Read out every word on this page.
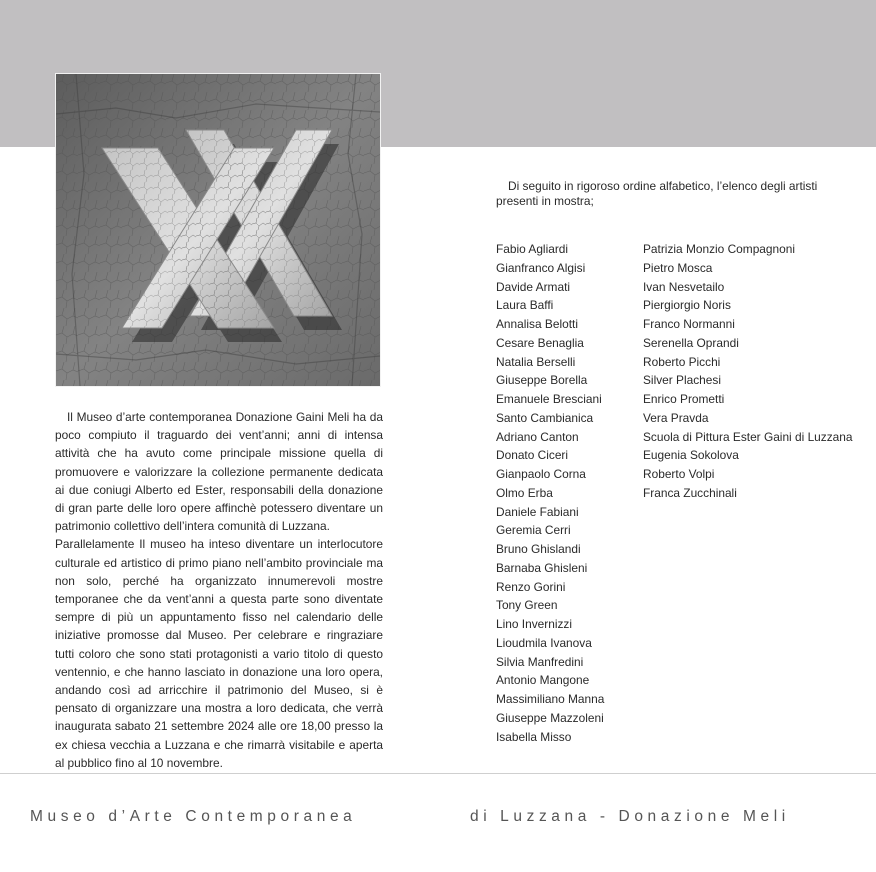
Il Museo d’arte contemporanea Donazione Gaini Meli ha da poco compiuto il traguardo dei vent’anni; anni di intensa attività che ha avuto come principale missione quella di promuovere e valorizzare la collezione permanente dedicata ai due coniugi Alberto ed Ester, responsabili della donazione di gran parte delle loro opere affinchè potessero diventare un patrimonio collettivo dell’intera comunità di Luzzana.

Parallelamente Il museo ha inteso diventare un interlocutore culturale ed artistico di primo piano nell’ambito provinciale ma non solo, perché ha organizzato innumerevoli mostre temporanee che da vent’anni a questa parte sono diventate sempre di più un appuntamento fisso nel calendario delle iniziative promosse dal Museo. Per celebrare e ringraziare tutti coloro che sono stati protagonisti a vario titolo di questo ventennio, e che hanno lasciato in donazione una loro opera, andando così ad arricchire il patrimonio del Museo, si è pensato di organizzare una mostra a loro dedicata, che verrà inaugurata sabato 21 settembre 2024 alle ore 18,00 presso la ex chiesa vecchia a Luzzana e che rimarrà visitabile e aperta al pubblico fino al 10 novembre.

Di seguito in rigoroso ordine alfabetico, l’elenco degli artisti presenti in mostra;

Fabio Agliardi
Gianfranco Algisi
Davide Armati
Laura Baffi
Annalisa Belotti
Cesare Benaglia
Natalia Berselli
Giuseppe Borella
Emanuele Bresciani
Santo Cambianica
Adriano Canton
Donato Ciceri
Gianpaolo Corna
Olmo Erba
Daniele Fabiani
Geremia Cerri
Bruno Ghislandi
Barnaba Ghisleni
Renzo Gorini
Tony Green
Lino Invernizzi
Lioudmila Ivanova
Silvia Manfredini
Antonio Mangone
Massimiliano Manna
Giuseppe Mazzoleni
Isabella Misso
Patrizia Monzio Compagnoni
Pietro Mosca
Ivan Nesvetailo
Piergiorgio Noris
Franco Normanni
Serenella Oprandi
Roberto Picchi
Silver Plachesi
Enrico Prometti
Vera Pravda
Scuola di Pittura Ester Gaini di Luzzana
Eugenia Sokolova
Roberto Volpi
Franca Zucchinali
Museo d’Arte Contemporanea	di Luzzana - Donazione Meli
